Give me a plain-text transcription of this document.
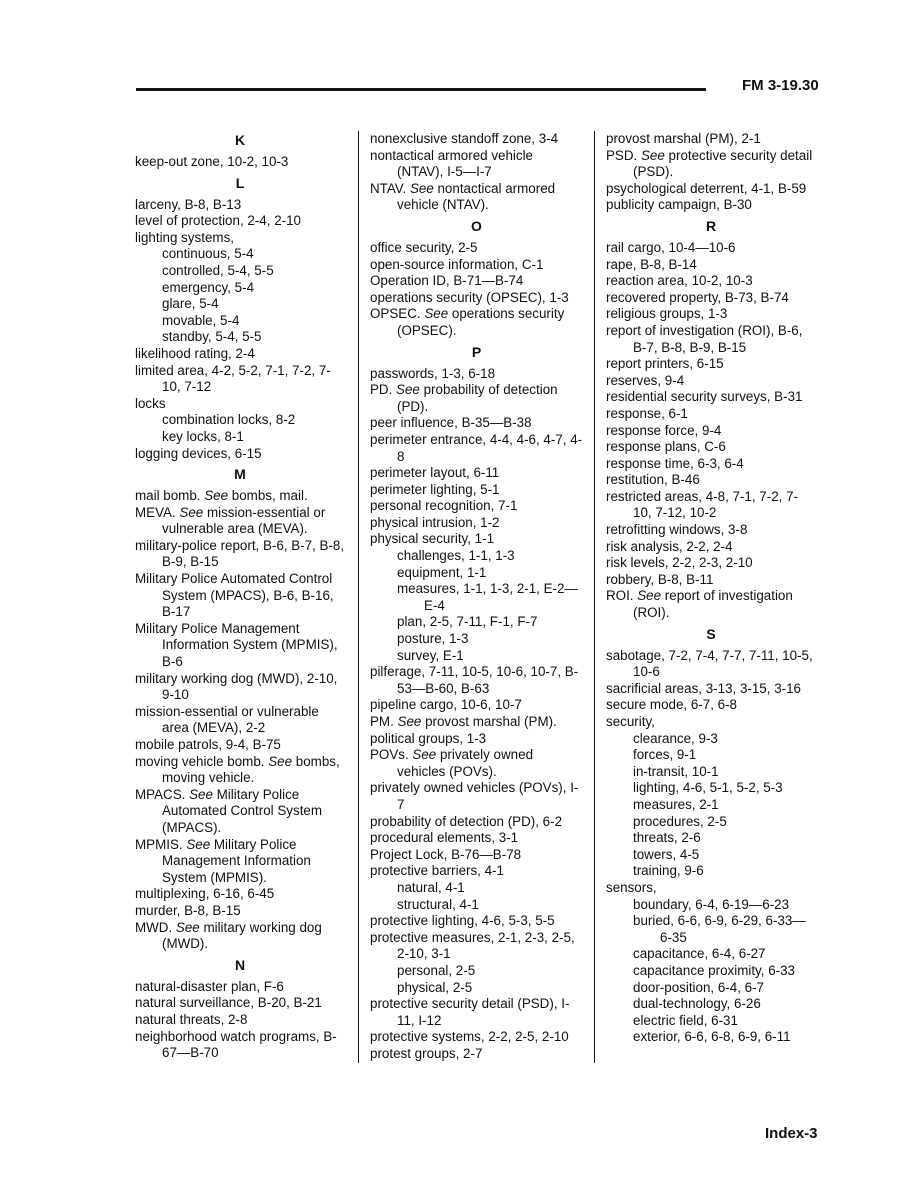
FM 3-19.30
K
keep-out zone, 10-2, 10-3
L
larceny, B-8, B-13
level of protection, 2-4, 2-10
lighting systems,
continuous, 5-4
controlled, 5-4, 5-5
emergency, 5-4
glare, 5-4
movable, 5-4
standby, 5-4, 5-5
likelihood rating, 2-4
limited area, 4-2, 5-2, 7-1, 7-2, 7-10, 7-12
locks
combination locks, 8-2
key locks, 8-1
logging devices, 6-15
M
mail bomb. See bombs, mail.
MEVA. See mission-essential or vulnerable area (MEVA).
military-police report, B-6, B-7, B-8, B-9, B-15
Military Police Automated Control System (MPACS), B-6, B-16, B-17
Military Police Management Information System (MPMIS), B-6
military working dog (MWD), 2-10, 9-10
mission-essential or vulnerable area (MEVA), 2-2
mobile patrols, 9-4, B-75
moving vehicle bomb. See bombs, moving vehicle.
MPACS. See Military Police Automated Control System (MPACS).
MPMIS. See Military Police Management Information System (MPMIS).
multiplexing, 6-16, 6-45
murder, B-8, B-15
MWD. See military working dog (MWD).
N
natural-disaster plan, F-6
natural surveillance, B-20, B-21
natural threats, 2-8
neighborhood watch programs, B-67—B-70
nonexclusive standoff zone, 3-4
nontactical armored vehicle (NTAV), I-5—I-7
NTAV. See nontactical armored vehicle (NTAV).
O
office security, 2-5
open-source information, C-1
Operation ID, B-71—B-74
operations security (OPSEC), 1-3
OPSEC. See operations security (OPSEC).
P
passwords, 1-3, 6-18
PD. See probability of detection (PD).
peer influence, B-35—B-38
perimeter entrance, 4-4, 4-6, 4-7, 4-8
perimeter layout, 6-11
perimeter lighting, 5-1
personal recognition, 7-1
physical intrusion, 1-2
physical security, 1-1
challenges, 1-1, 1-3
equipment, 1-1
measures, 1-1, 1-3, 2-1, E-2—E-4
plan, 2-5, 7-11, F-1, F-7
posture, 1-3
survey, E-1
pilferage, 7-11, 10-5, 10-6, 10-7, B-53—B-60, B-63
pipeline cargo, 10-6, 10-7
PM. See provost marshal (PM).
political groups, 1-3
POVs. See privately owned vehicles (POVs).
privately owned vehicles (POVs), I-7
probability of detection (PD), 6-2
procedural elements, 3-1
Project Lock, B-76—B-78
protective barriers, 4-1
natural, 4-1
structural, 4-1
protective lighting, 4-6, 5-3, 5-5
protective measures, 2-1, 2-3, 2-5, 2-10, 3-1
personal, 2-5
physical, 2-5
protective security detail (PSD), I-11, I-12
protective systems, 2-2, 2-5, 2-10
protest groups, 2-7
provost marshal (PM), 2-1
PSD. See protective security detail (PSD).
psychological deterrent, 4-1, B-59
publicity campaign, B-30
R
rail cargo, 10-4—10-6
rape, B-8, B-14
reaction area, 10-2, 10-3
recovered property, B-73, B-74
religious groups, 1-3
report of investigation (ROI), B-6, B-7, B-8, B-9, B-15
report printers, 6-15
reserves, 9-4
residential security surveys, B-31
response, 6-1
response force, 9-4
response plans, C-6
response time, 6-3, 6-4
restitution, B-46
restricted areas, 4-8, 7-1, 7-2, 7-10, 7-12, 10-2
retrofitting windows, 3-8
risk analysis, 2-2, 2-4
risk levels, 2-2, 2-3, 2-10
robbery, B-8, B-11
ROI. See report of investigation (ROI).
S
sabotage, 7-2, 7-4, 7-7, 7-11, 10-5, 10-6
sacrificial areas, 3-13, 3-15, 3-16
secure mode, 6-7, 6-8
security,
clearance, 9-3
forces, 9-1
in-transit, 10-1
lighting, 4-6, 5-1, 5-2, 5-3
measures, 2-1
procedures, 2-5
threats, 2-6
towers, 4-5
training, 9-6
sensors,
boundary, 6-4, 6-19—6-23
buried, 6-6, 6-9, 6-29, 6-33—6-35
capacitance, 6-4, 6-27
capacitance proximity, 6-33
door-position, 6-4, 6-7
dual-technology, 6-26
electric field, 6-31
exterior, 6-6, 6-8, 6-9, 6-11
Index-3
